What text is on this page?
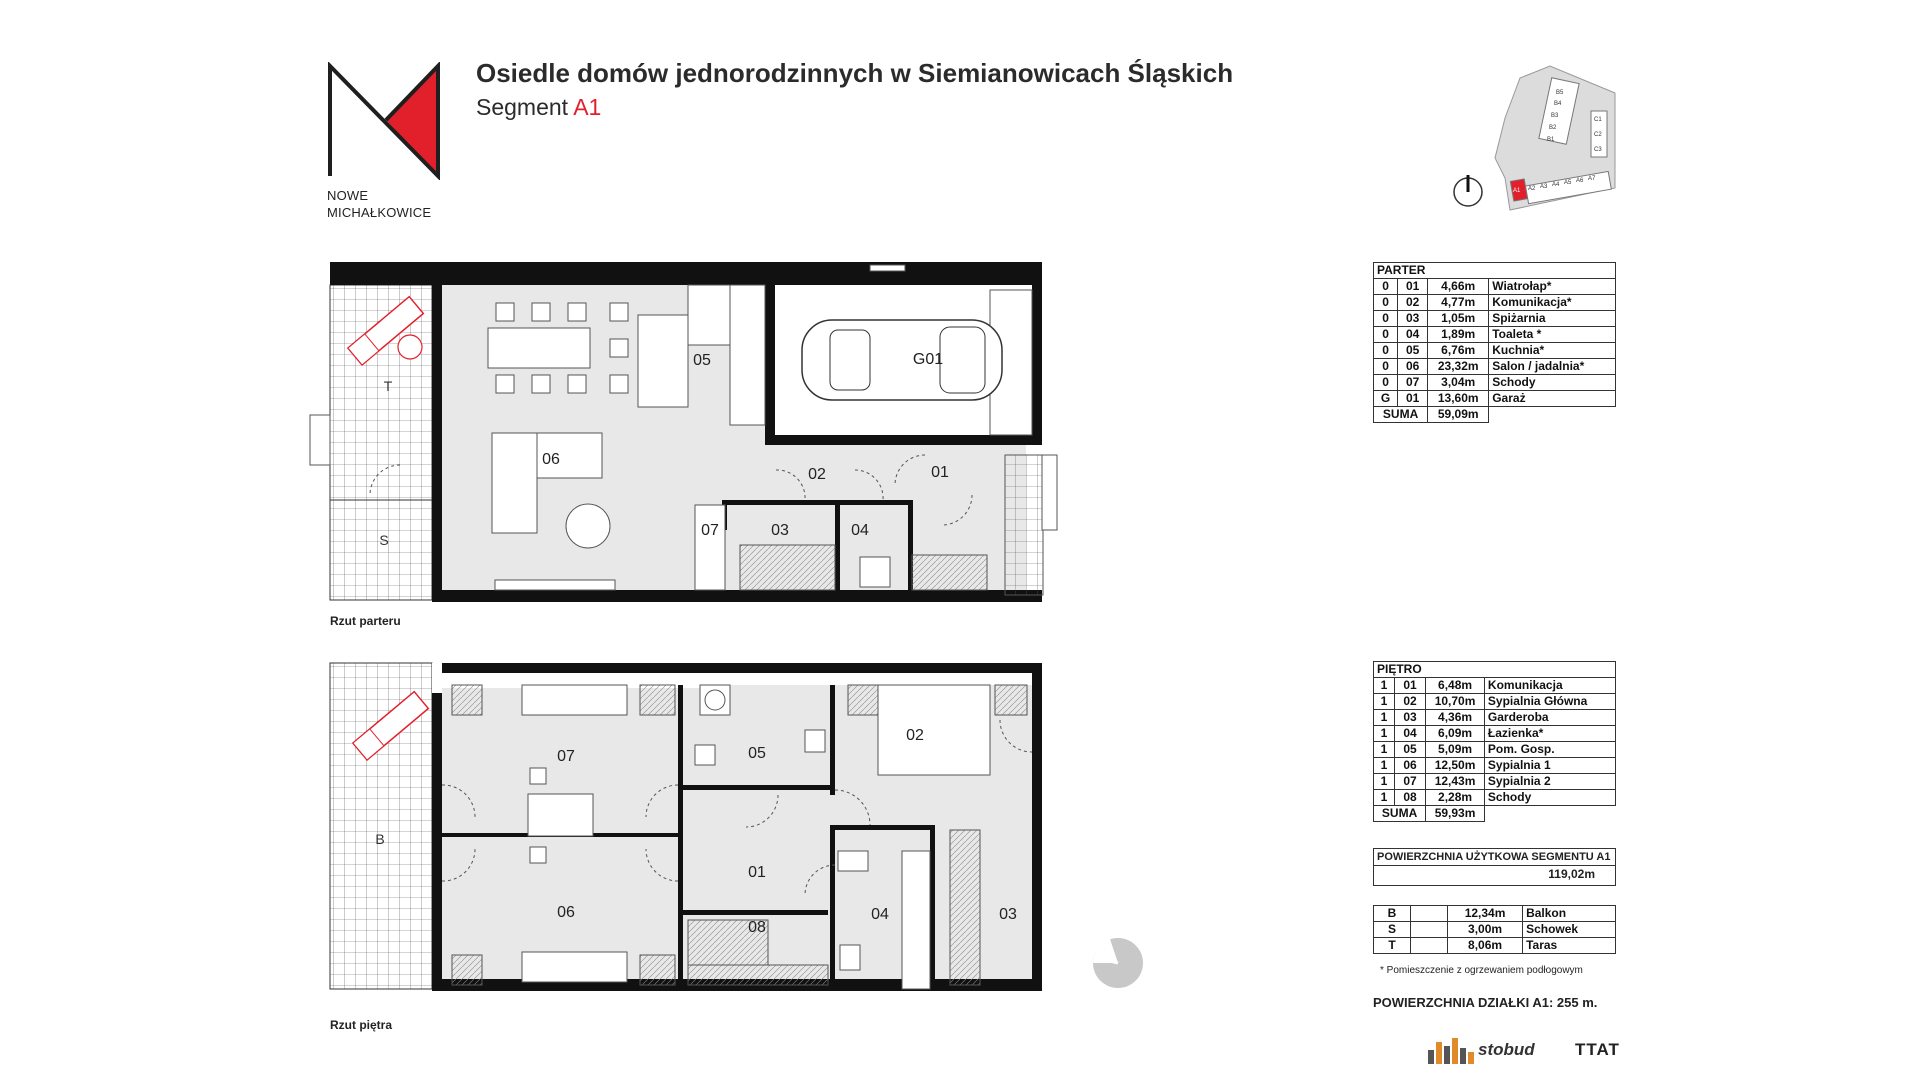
NOWE
MICHAŁKOWICE
Osiedle domów jednorodzinnych w Siemianowicach Śląskich
Segment A1
B5
B4
B3
B2
B1
C1
C2
C3
A1 A2 A3 A4 A5 A6 A7
T
S
06
05	G01
02	01
07	03	04
Rzut parteru
B
07	05
02
06
01
08
04	03
Rzut piętra
PARTER			
0	01	4,66m	Wiatrołap*
0	02	4,77m	Komunikacja*
0	03	1,05m	Spiżarnia
0	04	1,89m	Toaleta *
0	05	6,76m	Kuchnia*
0	06	23,32m	Salon / jadalnia*
0	07	3,04m	Schody
G	01	13,60m	Garaż
SUMA		59,09m	
PIĘTRO			
1	01	6,48m	Komunikacja
1	02	10,70m	Sypialnia Główna
1	03	4,36m	Garderoba
1	04	6,09m	Łazienka*
1	05	5,09m	Pom. Gosp.
1	06	12,50m	Sypialnia 1
1	07	12,43m	Sypialnia 2
1	08	2,28m	Schody
SUMA		59,93m	
POWIERZCHNIA UŻYTKOWA SEGMENTU A1
119,02m
B		12,34m	Balkon
S		3,00m	Schowek
T		8,06m	Taras
* Pomieszczenie z ogrzewaniem podłogowym
POWIERZCHNIA DZIAŁKI A1: 255 m.
stobud TTAT
